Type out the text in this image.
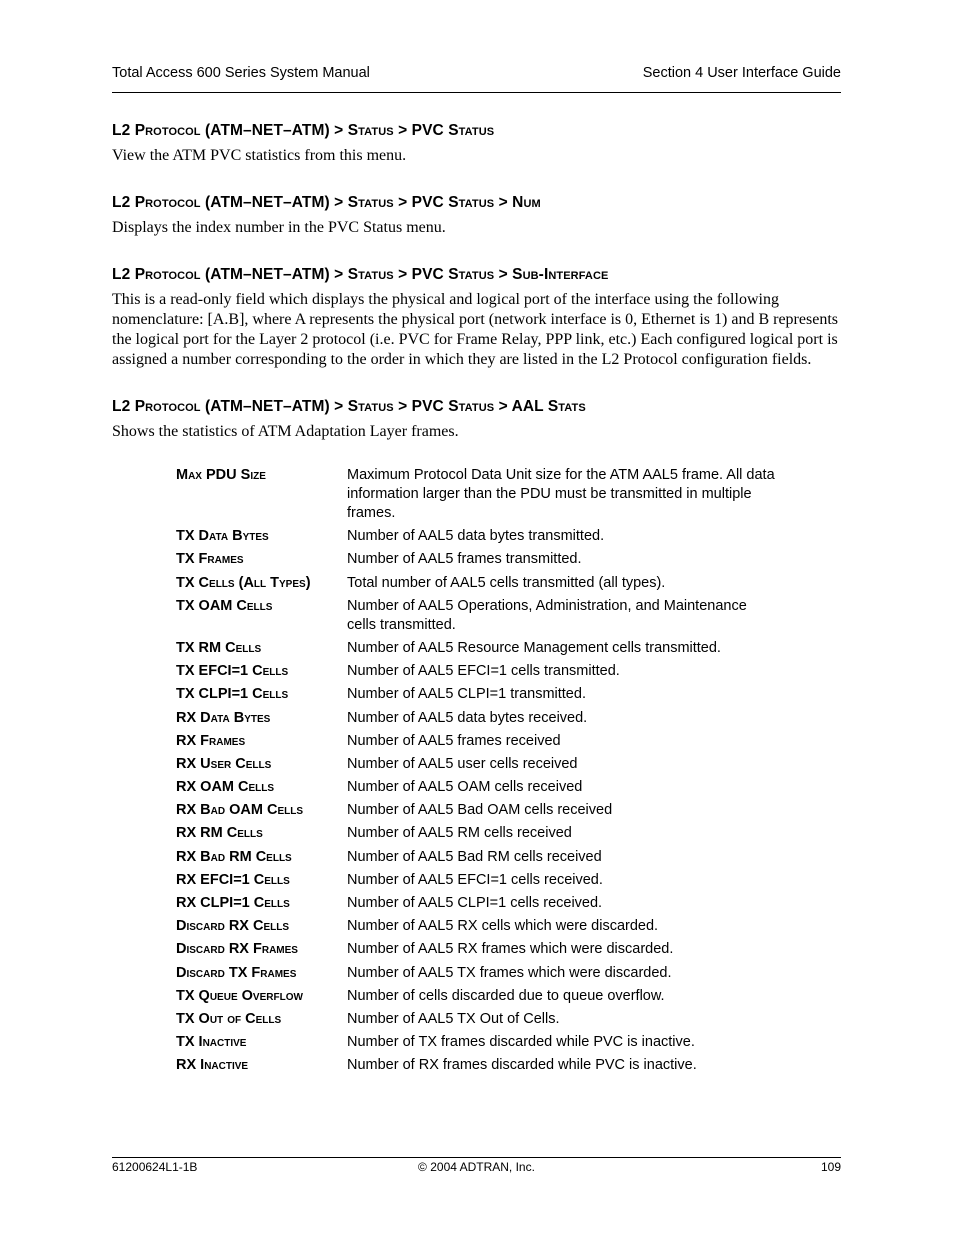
Total Access 600 Series System Manual	Section 4 User Interface Guide
L2 Protocol (ATM–NET–ATM) > Status > PVC Status

View the ATM PVC statistics from this menu.

L2 Protocol (ATM–NET–ATM) > Status > PVC Status > Num

Displays the index number in the PVC Status menu.

L2 Protocol (ATM–NET–ATM) > Status > PVC Status > Sub-Interface

This is a read-only field which displays the physical and logical port of the interface using the following nomenclature: [A.B], where A represents the physical port (network interface is 0, Ethernet is 1) and B represents the logical port for the Layer 2 protocol (i.e. PVC for Frame Relay, PPP link, etc.) Each configured logical port is assigned a number corresponding to the order in which they are listed in the L2 Protocol configuration fields.

L2 Protocol (ATM–NET–ATM) > Status > PVC Status > AAL Stats

Shows the statistics of ATM Adaptation Layer frames.

Max PDU Size	Maximum Protocol Data Unit size for the ATM AAL5 frame. All data information larger than the PDU must be transmitted in multiple frames.
TX Data Bytes	Number of AAL5 data bytes transmitted.
TX Frames	Number of AAL5 frames transmitted.
TX Cells (All Types)	Total number of AAL5 cells transmitted (all types).
TX OAM Cells	Number of AAL5 Operations, Administration, and Maintenance cells transmitted.
TX RM Cells	Number of AAL5 Resource Management cells transmitted.
TX EFCI=1 Cells	Number of AAL5 EFCI=1 cells transmitted.
TX CLPI=1 Cells	Number of AAL5 CLPI=1 transmitted.
RX Data Bytes	Number of AAL5 data bytes received.
RX Frames	Number of AAL5 frames received
RX User Cells	Number of AAL5 user cells received
RX OAM Cells	Number of AAL5 OAM cells received
RX Bad OAM Cells	Number of AAL5 Bad OAM cells received
RX RM Cells	Number of AAL5 RM cells received
RX Bad RM Cells	Number of AAL5 Bad RM cells received
RX EFCI=1 Cells	Number of AAL5 EFCI=1 cells received.
RX CLPI=1 Cells	Number of AAL5 CLPI=1 cells received.
Discard RX Cells	Number of AAL5 RX cells which were discarded.
Discard RX Frames	Number of AAL5 RX frames which were discarded.
Discard TX Frames	Number of AAL5 TX frames which were discarded.
TX Queue Overflow	Number of cells discarded due to queue overflow.
TX Out of Cells	Number of AAL5 TX Out of Cells.
TX Inactive	Number of TX frames discarded while PVC is inactive.
RX Inactive	Number of RX frames discarded while PVC is inactive.
61200624L1-1B	© 2004 ADTRAN, Inc.	109
